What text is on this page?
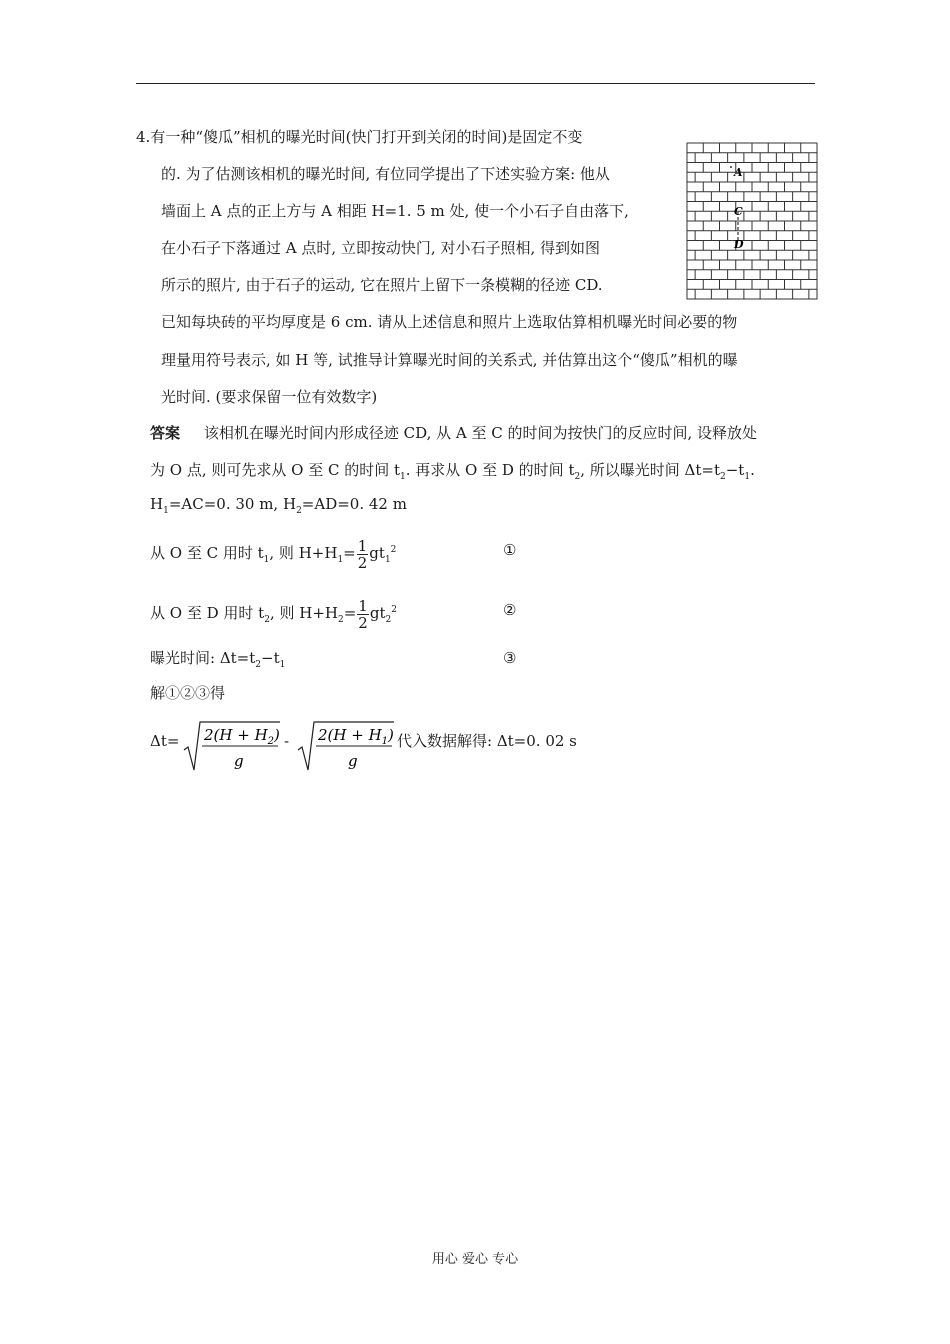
4.有一种“傻瓜”相机的曝光时间(快门打开到关闭的时间)是固定不变
的. 为了估测该相机的曝光时间, 有位同学提出了下述实验方案: 他从
墙面上 A 点的正上方与 A 相距 H=1. 5 m 处, 使一个小石子自由落下,
在小石子下落通过 A 点时, 立即按动快门, 对小石子照相, 得到如图
所示的照片, 由于石子的运动, 它在照片上留下一条模糊的径迹 CD.
已知每块砖的平均厚度是 6 cm. 请从上述信息和照片上选取估算相机曝光时间必要的物
理量用符号表示, 如 H 等, 试推导计算曝光时间的关系式, 并估算出这个“傻瓜”相机的曝
光时间. (要求保留一位有效数字)
A
C
D
答案 该相机在曝光时间内形成径迹 CD, 从 A 至 C 的时间为按快门的反应时间, 设释放处
为 O 点, 则可先求从 O 至 C 的时间 $t_1$. 再求从 O 至 D 的时间 $t_2$, 所以曝光时间 $\Delta t=t_2-t_1$.
$H_1=AC=0$. 30 m, $H_2=AD=0$. 42 m
从 O 至 C 用时 $t_1$, 则 $H+H_1= \frac{1}{2} gt_1^2$	①
从 O 至 D 用时 $t_2$, 则 $H+H_2= \frac{1}{2} gt_2^2$	②
曝光时间: $\Delta t=t_2-t_1$	③
解①②③得
$\Delta t= 2(H + H_2)$
g
- $2(H + H_1)$
g
代入数据解得: Δt=0. 02 s
用心 爱心 专心
